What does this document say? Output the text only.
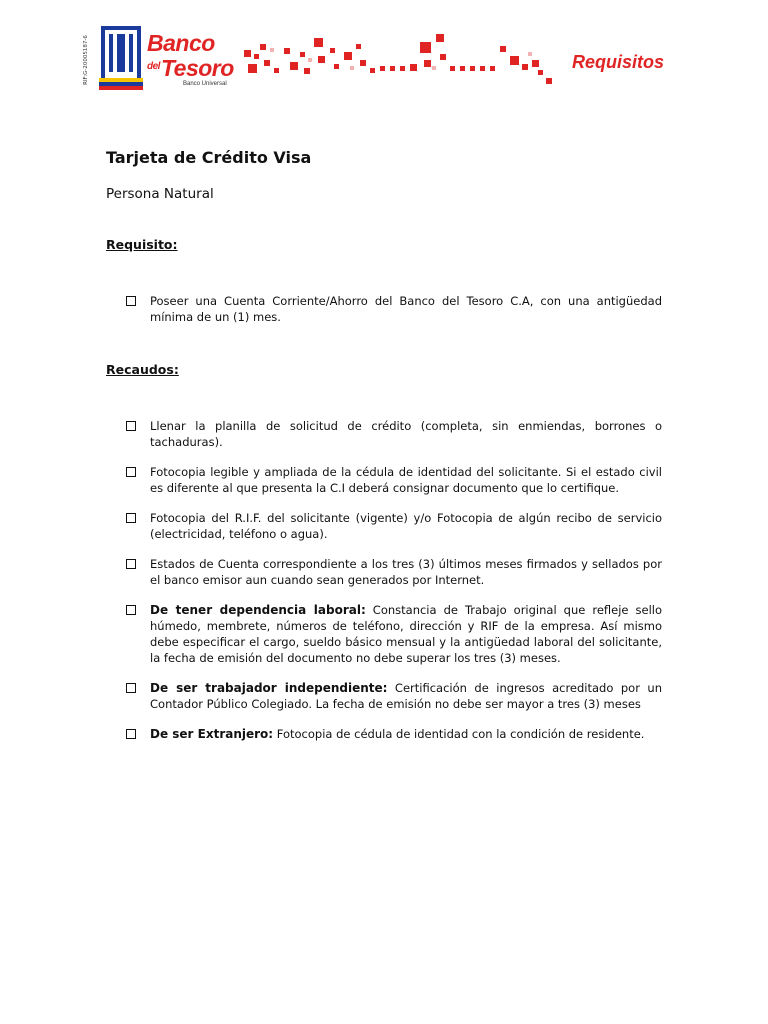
RIF:G-20005187-6	Banco
$^{del}$Tesoro
Banco Universal
Requisitos
Tarjeta de Crédito Visa
Persona Natural
Requisito:
Poseer una Cuenta Corriente/Ahorro del Banco del Tesoro C.A, con una antigüedad mínima de un (1) mes.
Recaudos:
Llenar la planilla de solicitud de crédito (completa, sin enmiendas, borrones o tachaduras).
Fotocopia legible y ampliada de la cédula de identidad del solicitante. Si el estado civil es diferente al que presenta la C.I deberá consignar documento que lo certifique.
Fotocopia del R.I.F. del solicitante (vigente) y/o Fotocopia de algún recibo de servicio (electricidad, teléfono o agua).
Estados de Cuenta correspondiente a los tres (3) últimos meses firmados y sellados por el banco emisor aun cuando sean generados por Internet.
De tener dependencia laboral: Constancia de Trabajo original que refleje sello húmedo, membrete, números de teléfono, dirección y RIF de la empresa. Así mismo debe especificar el cargo, sueldo básico mensual y la antigüedad laboral del solicitante, la fecha de emisión del documento no debe superar los tres (3) meses.
De ser trabajador independiente: Certificación de ingresos acreditado por un Contador Público Colegiado. La fecha de emisión no debe ser mayor a tres (3) meses
De ser Extranjero: Fotocopia de cédula de identidad con la condición de residente.
